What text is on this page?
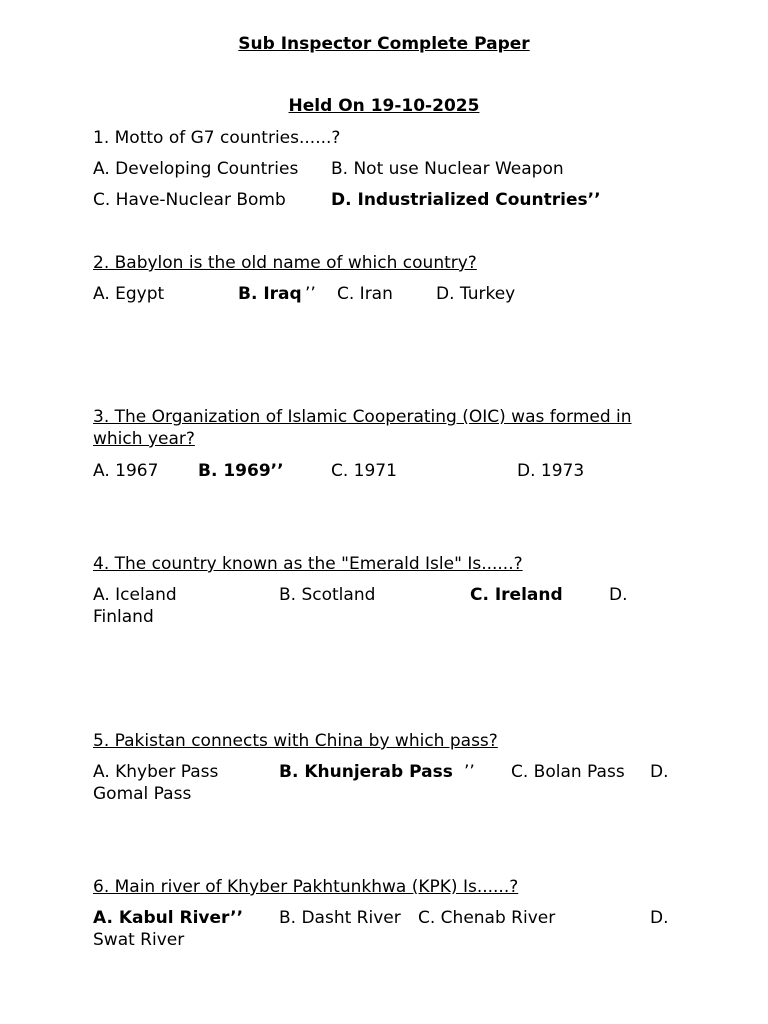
Sub Inspector Complete Paper
Held On 19-10-2025
1. Motto of G7 countries......?
A. Developing Countries B. Not use Nuclear Weapon
C. Have-Nuclear Bomb	D. Industrialized Countries’’
2. Babylon is the old name of which country?
A. Egypt	B. Iraq ’’ C. Iran	D. Turkey
3. The Organization of Islamic Cooperating (OIC) was formed in which year?
A. 1967 B. 1969’’	C. 1971	D. 1973
4. The country known as the "Emerald Isle" Is......?
A. Iceland	B. Scotland	C. Ireland	D. Finland
5. Pakistan connects with China by which pass?
A. Khyber Pass	B. Khunjerab Pass ’’ C. Bolan Pass	D. Gomal Pass
6. Main river of Khyber Pakhtunkhwa (KPK) Is......?
A. Kabul River’’ B. Dasht River C. Chenab River	D. Swat River
